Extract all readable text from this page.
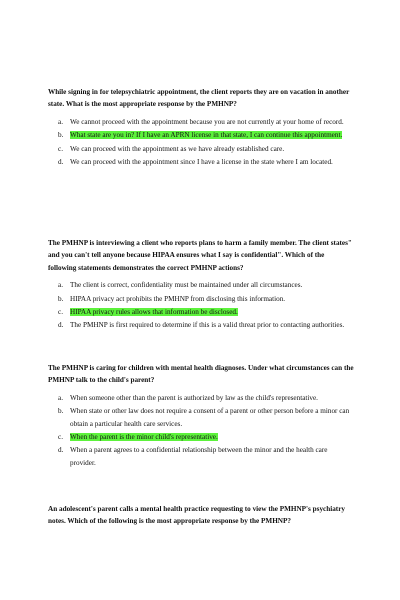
While signing in for telepsychiatric appointment, the client reports they are on vacation in another state. What is the most appropriate response by the PMHNP?

a. We cannot proceed with the appointment because you are not currently at your home of record.
b. What state are you in? If I have an APRN license in that state, I can continue this appointment.
c. We can proceed with the appointment as we have already established care.
d. We can proceed with the appointment since I have a license in the state where I am located.

The PMHNP is interviewing a client who reports plans to harm a family member. The client states" and you can't tell anyone because HIPAA ensures what I say is confidential". Which of the following statements demonstrates the correct PMHNP actions?

a. The client is correct, confidentiality must be maintained under all circumstances.
b. HIPAA privacy act prohibits the PMHNP from disclosing this information.
c. HIPAA privacy rules allows that information be disclosed.
d. The PMHNP is first required to determine if this is a valid threat prior to contacting authorities.

The PMHNP is caring for children with mental health diagnoses. Under what circumstances can the PMHNP talk to the child's parent?

a. When someone other than the parent is authorized by law as the child's representative.
b. When state or other law does not require a consent of a parent or other person before a minor can obtain a particular health care services.
c. When the parent is the minor child's representative.
d. When a parent agrees to a confidential relationship between the minor and the health care provider.

An adolescent's parent calls a mental health practice requesting to view the PMHNP's psychiatry notes. Which of the following is the most appropriate response by the PMHNP?
